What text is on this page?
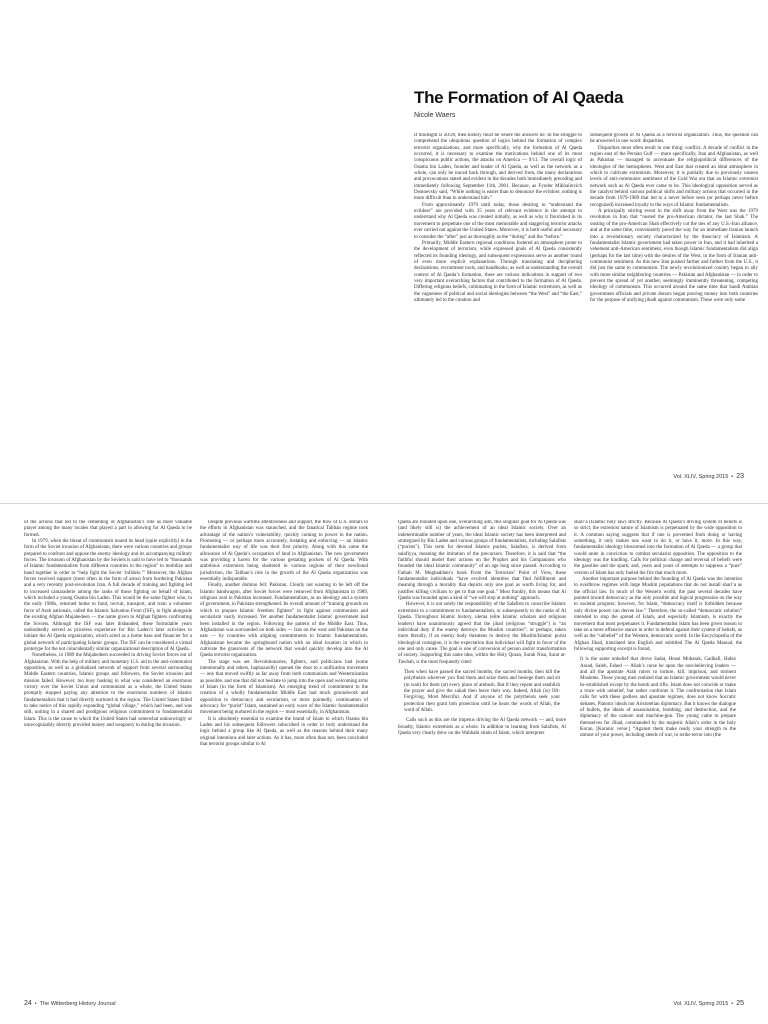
The Formation of Al Qaeda
Nicole Waers

If hindsight is 20/20, then history must be where the answers lie. In the struggle to comprehend the ubiquitous question of logics behind the formation of complex terrorist organizations, and more specifically, why the formation of Al Qaeda occurred, it is necessary to examine the motivations behind one of its most conspicuous public actions, the attacks on America — 9/11. The overall logic of Osama bin Laden, founder and leader of Al Qaeda, as well as the network as a whole, can only be traced back through, and derived from, the many declarations and provocations stated and evident in the decades both immediately preceding and immediately following September 11th, 2001. Because, as Fyodor Mikhailovich Dostoevsky said, “While nothing is easier than to denounce the evildoer, nothing is more difficult than to understand him.”

From approximately 1979 until today, those desiring to “understand the evildoer” are provided with 35 years of relevant evidence in the attempt to understand why Al Qaeda was created initially, as well as why it flourished in its movement to perpetrate one of the most memorable and staggering terrorist attacks ever carried out against the United States. Moreover, it is both useful and necessary to consider the “after” just as thoroughly as the “during” and the “before.”

Primarily, Middle Eastern regional conditions fostered an atmosphere prone to the development of terrorism, while expressed goals of Al Qaeda consistently reflected its founding ideology, and subsequent expressions serve as another round of even more explicit explanations. Through translating and deciphering declarations, recruitment tools, and handbooks, as well as understanding the overall context of Al Qaeda’s formation, there are various indications in support of two very important overarching factors that contributed to the formation of Al Qaeda. Differing religious beliefs, culminating in the form of Islamic extremism, as well as the vagueness of political and social ideologies between “the West” and “the East,” ultimately led to the creation and

subsequent growth of Al Qaeda as a terrorist organization. Thus, the question can be answered in one word: disparities.

Disparities most often result in one thing: conflict. A decade of conflict in the region east of the Persian Gulf — more specifically, Iran and Afghanistan, as well as Pakistan — managed to accentuate the religiopolitical differences of the ideologies of the hemispheres. West and East that created an ideal atmosphere in which to cultivate extremism. Moreover, it is partially due to previously unseen levels of anti-communist sentiment of the Cold War era that an Islamic extremist network such as Al Qaeda ever came to be. This ideological opposition served as the catalyst behind various political shifts and military actions that occurred in the decade from 1979-1989 that led to a never before seen (or perhaps never before recognized) increased loyalty to the ways of Islamic fundamentalism.

A principally stirring event in the shift away from the West was the 1979 revolution in Iran that “ousted the pro-American dictator, the last Shah.” The ousting of the pro-American Shah effectively cut the ties of any U.S.-Iran alliance, and at the same time, conveniently paved the way for an immediate Iranian launch into a revolutionary society characterized by the theocracy of Islamism. A fundamentalist Islamic government had taken power in Iran, and it had inherited a vehement anti-American sentiment, even though Islamic fundamentalism did align (perhaps for the last time) with the desires of the West, in the form of Iranian anti-communist sentiment. As this new Iran pushed farther and farther from the U.S., it did just the same to communism. The newly revolutionized country began to ally with more similar neighboring countries — Pakistan and Afghanistan — in order to prevent the spread of yet another, seemingly imminently threatening, competing ideology of communism. This occurred around the same time that Saudi Arabian government officials and private donors began pouring money into both countries for the purpose of unifying jihadi against communism. These were only some

Vol. XLIV, Spring 2015 • 23

of the actions that led to the cementing of Afghanistan’s role as most valuable player among the many locales that played a part in allowing for Al Qaeda to be formed.

In 1979, when the threat of communism reared its head (quite explicitly) in the form of the Soviet invasion of Afghanistan, there were various countries and groups prepared to confront and oppose the enemy ideology and its accompanying military forces. The invasion of Afghanistan by the Soviets is said to have led to “thousands of Islamic fundamentalists from different countries in the region” to mobilize and band together in order to “help fight the Soviet ‘infidels.’” Moreover, the Afghan forces received support (most often in the form of arms) from bordering Pakistan and a very recently post-revolution Iran. A full decade of training and fighting led to increased camaraderie among the ranks of those fighting on behalf of Islam, which included a young Osama bin Laden. This would be the same fighter who, in the early 1980s, returned home to fund, recruit, transport, and train a volunteer force of Arab nationals, called the Islamic Salvation Front (ISF), to fight alongside the existing Afghan Mujahedeen — the name given to Afghan fighters confronting the Soviets. Although the ISF was later disbanded, these formidable years undoubtedly served as priceless experience for Bin Laden’s later activities to initiate the Al Qaeda organization, which acted as a home base and financier for a global network of participating Islamic groups. The ISF can be considered a virtual prototype for the not coincidentally similar organizational description of Al Qaeda.

Nonetheless, in 1989 the Mujahedeen succeeded in driving Soviet forces out of Afghanistan. With the help of military and monetary U.S. aid to the anti-communist opposition, as well as a globalized network of support from several surrounding Middle Eastern countries, Islamic groups and followers, the Soviet invasion and mission failed. However, too busy basking in what was considered an enormous victory over the Soviet Union and communism as a whole, the United States promptly stopped paying any attention to the enormous numbers of Islamic fundamentalists that it had directly nurtured in the region. The United States failed to take notice of this rapidly expanding “global village,” which had been, and was still, uniting in a shared and prodigious religious commitment to fundamentalist Islam. This is the cause to which the United States had somewhat unknowingly or unrecognizably directly provided money and weaponry to during the invasion.

Despite previous wartime attentiveness and support, the flow of U.S. dollars to the efforts in Afghanistan was staunched, and the fanatical Taliban regime took advantage of the nation’s vulnerability, quickly coming to power in the nation. Promoting — or perhaps more accurately, instating and enforcing — an Islamic fundamentalist way of life was their first priority. Along with this came the allowance of Al Qaeda’s occupation of land in Afghanistan. The new government was providing a haven for the various gestating pockets of Al Qaeda. With ambitious extremists being sheltered in various regions of their newfound jurisdiction, the Taliban’s role in the growth of the Al Qaeda organization was essentially indisputable.

Finally, another domino fell: Pakistan. Clearly not wanting to be left off the Islamic bandwagon, after Soviet forces were removed from Afghanistan in 1989, religious zeal in Pakistan increased. Fundamentalism, as an ideology and a system of government, in Pakistan strengthened. Its overall amount of “training grounds on which to prepare Islamic freedom fighters” to fight against communism and secularism vastly increased. Yet another fundamentalist Islamic government had been installed in the region. Following the pattern of the Middle East. Thus, Afghanistan was surrounded on both sides — Iran on the west and Pakistan on the east — by countries with aligning commitments to Islamic fundamentalism. Afghanistan became the springboard nation with an ideal location in which to cultivate the grassroots of the network that would quickly develop into the Al Qaeda terrorist organization.

The stage was set. Revolutionaries, fighters, and politicians had (some intentionally and others, haphazardly) opened the door to a unification movement — one that moved swiftly as far away from both communism and Westernization as possible, and one that did not hesitate to jump into the open and welcoming arms of Islam (in the form of Islamism). An emerging trend of commitment to the creation of a wholly fundamentalist Middle East had much groundwork and opposition to democracy and secularism, or more pointedly, continuation of advocacy for “purist” Islam, sustained an early wave of the Islamic fundamentalist movement being nurtured in the region — most essentially, in Afghanistan.

It is absolutely essential to examine the brand of Islam to which Osama bin Laden and his subsequent followers subscribed in order to truly understand the logic behind a group like Al Qaeda, as well as the reasons behind their many original intentions and later actions. As it has, more often than not, been concluded that terrorist groups similar to Al

Qaeda are founded upon one, overarching aim, this singular goal for Al Qaeda was (and likely still is) the achievement of an ideal Islamic society. Over an indeterminable number of years, the ideal Islamic society has been interpreted and strategized by Bin Laden and various groups of fundamentalists, including Salafists (“purists”). This term for devoted Islamic purists, Salafists, is derived from salafiyya, meaning the imitation of the precursors. Therefore, it is said that “the faithful should model their actions on the Prophet and his Companions who founded the ideal Islamic community” of an age long since passed. According to Fathah M. Moghaddam’s book From the Terrorists’ Point of View, these fundamentalist individuals “have evolved identities that find fulfillment and meaning through a morality that depicts only one goal as worth living for, and justifies killing civilians to get to that one goal.” Most frankly, this means that Al Qaeda was founded upon a kind of “we will stop at nothing” approach.

However, it is not solely the responsibility of the Salafists to conscribe Islamic extremists to a commitment to fundamentalism, or subsequently to the ranks of Al Qaeda. Throughout Islamic history, ulema (elite Islamic scholars and religious leaders) have unanimously agreed that the jihad (religious “struggle”) is “an individual duty if the enemy destroys the Muslim countries”; or perhaps, taken more literally, if an enemy body threatens to destroy the Muslim/Islamic purist ideological contagion, it is the expectation that individual will fight in favor of the one and only cause. The goal is one of conversion of person and/or transformation of society. Supporting this same idea, within the Holy Quran, Surah Nisa, Surat at-Tawbah, is the most frequently cited:

Then when have passed the sacred months, the sacred months, then kill the polytheists wherever you find them and seize them and besiege them and sit (in wait) for them (at) every place of ambush. But if they repent and establish the prayer and give the zakah then leave their way. Indeed, Allah (is) Oft-Forgiving, Most Merciful. And if anyone of the polytheists seek your protection then grant him protection until he hears the words of Allah, the word of Allah.

Calls such as this are the impetus driving the Al Qaeda network — and, more broadly, Islamic extremists as a whole. In addition to learning from Salafists, Al Qaeda very clearly drew on the Wahhabi strain of Islam, which interprets

shari’a (Islamic holy law) strictly. Because Al Qaeda’s driving system of beliefs is so strict, the extremist nature of Islamism is perpetuated by the wide opposition to it. A common saying suggests that if one is prevented from doing or having something, it only makes one want to do it, or have it, more. In this way, fundamentalist ideology blossomed into the formation of Al Qaeda — a group that would unite in conviction to combat secularist opposition. The opposition to the ideology was the kindling. Calls for political change and reversal of beliefs were the gasoline and the spark; and, years and years of attempts to suppress a “pure” version of Islam has only fueled the fire that much more.

Another important purpose behind the founding of Al Qaeda was the intention to overthrow regimes with large Muslim populations that do not install shari’a as the official law. In much of the Western world, the past several decades have pointed toward democracy as the only possible and logical progression on the way to societal progress; however, for Islam, “democracy itself is forbidden because only divine power can decree law.” Therefore, the so-called “democratic solution” intended to stop the spread of Islam, and especially Islamism, is exactly the movement that most perpetuates it. Fundamentalist Islam has been given reason to take on a more offensive stance in order to defend against their system of beliefs, as well as the “unbelief” of the Western, democratic world. In the Encyclopedia of the Afghan Jihad, translated into English and subtitled The Al Qaeda Manual, the following supporting excerpt is found,

It is the same unbelief that drove Sadat, Hosni Mubarak, Gadhafi, Hafez Assad, Saleh, Fahed — Allah’s curse be upon the non-believing leaders — and all the apostate Arab rulers to torture, kill, imprison, and torment Moslems. These young men realized that an Islamic government would never be established except by the bomb and rifle. Islam does not coincide or make a truce with unbelief, but rather confronts it. The confrontation that Islam calls for with these godless and apostate regimes, does not know Socratic debates, Platonic ideals nor Aristotelian diplomacy. But it knows the dialogue of bullets, the ideals of assassination, bombing, and destruction, and the diplomacy of the cannon and machine-gun. The young came to prepare themselves for Jihad, commanded by the majestic Allah’s order in the holy Koran. [Koranic verse:] “Against them make ready your strength to the utmost of your power, including steeds of war, to strike terror into (the

24 • The Wittenberg History Journal	Vol. XLIV, Spring 2015 • 25
